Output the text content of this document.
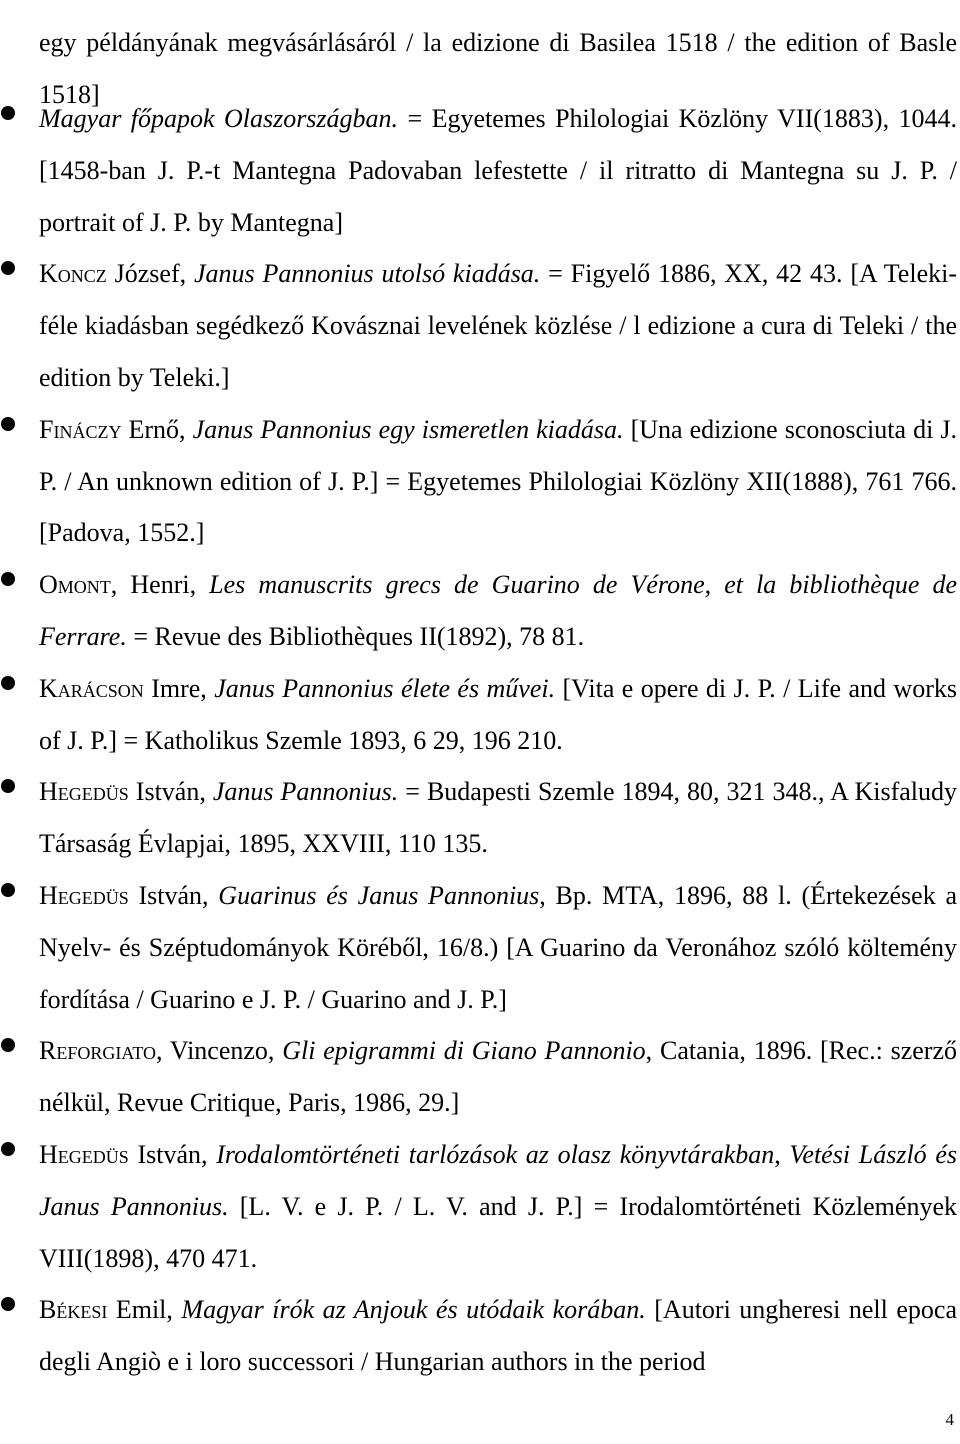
egy példányának megvásárlásáról / la edizione di Basilea 1518 / the edition of Basle 1518]

Magyar főpapok Olaszországban. = Egyetemes Philologiai Közlöny VII(1883), 1044. [1458-ban J. P.-t Mantegna Padovaban lefestette / il ritratto di Mantegna su J. P. / portrait of J. P. by Mantegna]
Koncz József, Janus Pannonius utolsó kiadása. = Figyelő 1886, XX, 42 43. [A Teleki-féle kiadásban segédkező Kovásznai levelének közlése / l edizione a cura di Teleki / the edition by Teleki.]
Fináczy Ernő, Janus Pannonius egy ismeretlen kiadása. [Una edizione sconosciuta di J. P. / An unknown edition of J. P.] = Egyetemes Philologiai Közlöny XII(1888), 761 766. [Padova, 1552.]
Omont, Henri, Les manuscrits grecs de Guarino de Vérone, et la bibliothèque de Ferrare. = Revue des Bibliothèques II(1892), 78 81.
Karácson Imre, Janus Pannonius élete és művei. [Vita e opere di J. P. / Life and works of J. P.] = Katholikus Szemle 1893, 6 29, 196 210.
Hegedüs István, Janus Pannonius. = Budapesti Szemle 1894, 80, 321 348., A Kisfaludy Társaság Évlapjai, 1895, XXVIII, 110 135.
Hegedüs István, Guarinus és Janus Pannonius, Bp. MTA, 1896, 88 l. (Értekezések a Nyelv- és Széptudományok Köréből, 16/8.) [A Guarino da Veronához szóló költemény fordítása / Guarino e J. P. / Guarino and J. P.]
Reforgiato, Vincenzo, Gli epigrammi di Giano Pannonio, Catania, 1896. [Rec.: szerző nélkül, Revue Critique, Paris, 1986, 29.]
Hegedüs István, Irodalomtörténeti tarlózások az olasz könyvtárakban, Vetési László és Janus Pannonius. [L. V. e J. P. / L. V. and J. P.] = Irodalomtörténeti Közlemények VIII(1898), 470 471.
Békesi Emil, Magyar írók az Anjouk és utódaik korában. [Autori ungheresi nell epoca degli Angiò e i loro successori / Hungarian authors in the period
4
